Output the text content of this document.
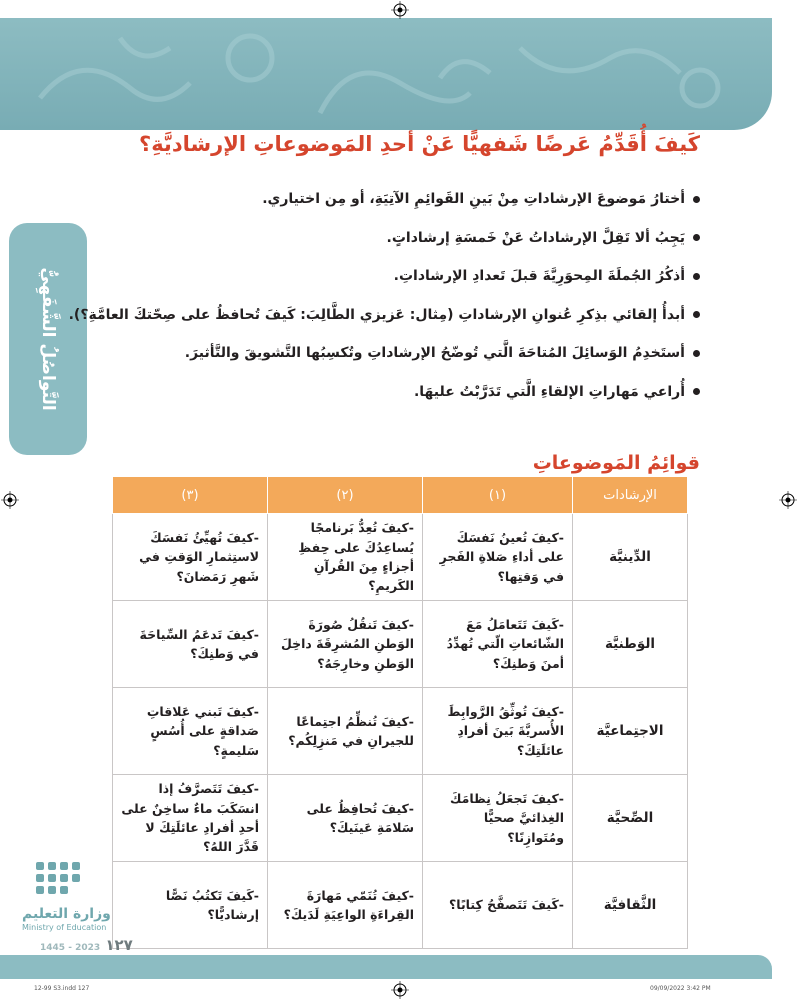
التَّواصُلُ الشَّفَهِيُّ
كَيفَ أُقَدِّمُ عَرضًا شَفهيًّا عَنْ أحدِ المَوضوعاتِ الإرشاديَّةِ؟
أختارُ مَوضوعَ الإرشاداتِ مِنْ بَينِ القَوائِمِ الآتِيَةِ، أو مِن اختياري.
يَجِبُ ألا تَقِلَّ الإرشاداتُ عَنْ خَمسَةِ إرشاداتٍ.
أذكُرُ الجُملَةَ المِحوَرِيَّةَ قبلَ تَعدادِ الإرشاداتِ.
أبدأُ إلقائي بذِكرِ عُنوانِ الإرشاداتِ (مِثال: عَزيزي الطَّالِبَ: كَيفَ تُحافظُ على صِحّتكَ العامَّةِ؟).
أستَخدِمُ الوَسائِلَ المُتاحَةَ الَّتي تُوضّحُ الإرشاداتِ وتُكسِبُها التَّشويقَ والتَّأثيرَ.
أُراعي مَهاراتِ الإلقاءِ الَّتي تَدَرَّبْتُ عليهَا.
قوائِمُ المَوضوعاتِ
الإرشادات	(١)	(٢)	(٣)
الدِّينيَّة	-كيفَ تُعينُ نَفسَكَ على أداءِ صَلاةِ الفَجرِ في وَقتِها؟	-كيفَ تُعِدُّ بَرنامجًا يُساعِدُكَ على حِفظِ أجزاءٍ مِنَ القُرآنِ الكَريمِ؟	-كيفَ تُهيِّئُ نَفسَكَ لاستِثمارِ الوَقتِ في شَهرِ رَمَضانَ؟
الوَطنيَّة	-كَيفَ تَتَعامَلُ مَعَ الشّائعاتِ الّتي تُهدِّدُ أمنَ وَطنِكَ؟	-كيفَ تَنقُلُ صُورَةَ الوَطنِ المُشرِقَةَ داخِلَ الوَطنِ وخارِجَهُ؟	-كيفَ تَدعَمُ السِّياحَةَ في وَطنِكَ؟
الاجتِماعيَّة	-كيفَ تُوثِّقُ الرَّوابِطَ الأُسريَّةَ بَينَ أفرادِ عائلَتِكَ؟	-كيفَ تُنظِّمُ اجتِماعًا للجيرانِ في مَنزِلِكُم؟	-كيفَ تَبني عَلاقاتِ صَداقةٍ على أُسُسٍ سَليمةٍ؟
الصِّحيَّة	-كيفَ تَجعَلُ نِظامَكَ الغِذائيَّ صحيًّا ومُتَوازِنًا؟	-كيفَ تُحافِظُ على سَلامَةِ عَينَيكَ؟	-كيفَ تَتَصرَّفُ إذا انسَكَبَ ماءٌ ساخِنٌ على أحدِ أفرادِ عائلَتِكَ لا قَدَّرَ اللهُ؟
الثَّقافيَّة	-كَيفَ تَتَصفَّحُ كِتابًا؟	-كيفَ تُنَمّي مَهارَةَ القِراءَةِ الواعِيَةِ لَدَيكَ؟	-كَيفَ تَكتُبُ نَصًّا إرشاديًّا؟
وزارة التعليم
Ministry of Education
١٢٧ 2023 - 1445
12-99 S3.indd 127	09/09/2022 3:42 PM
